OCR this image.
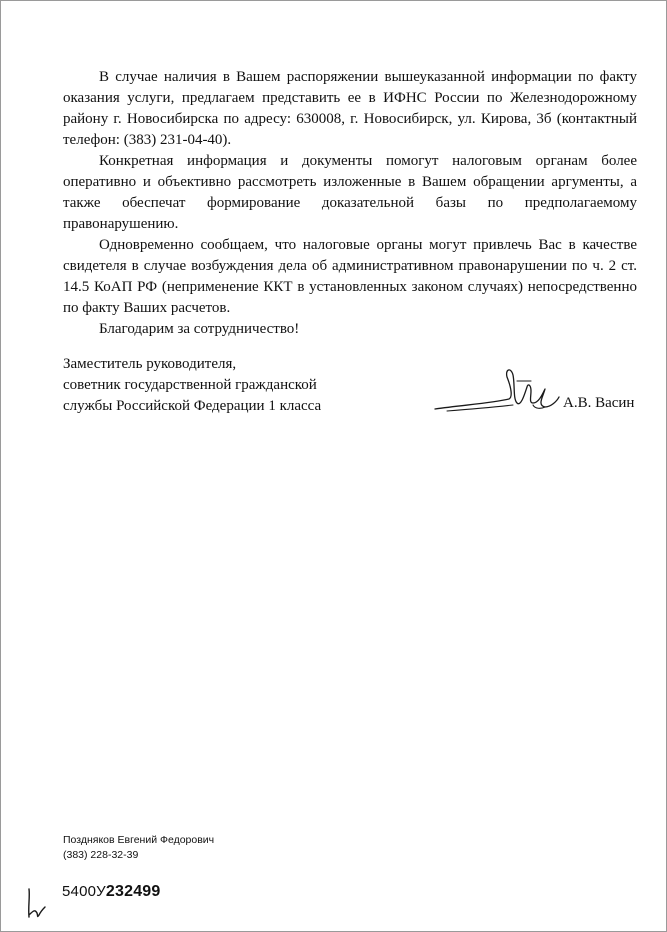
В случае наличия в Вашем распоряжении вышеуказанной информации по факту оказания услуги, предлагаем представить ее в ИФНС России по Железнодорожному району г. Новосибирска по адресу: 630008, г. Новосибирск, ул. Кирова, 3б (контактный телефон: (383) 231-04-40).

Конкретная информация и документы помогут налоговым органам более оперативно и объективно рассмотреть изложенные в Вашем обращении аргументы, а также обеспечат формирование доказательной базы по предполагаемому правонарушению.

Одновременно сообщаем, что налоговые органы могут привлечь Вас в качестве свидетеля в случае возбуждения дела об административном правонарушении по ч. 2 ст. 14.5 КоАП РФ (неприменение ККТ в установленных законом случаях) непосредственно по факту Ваших расчетов.

Благодарим за сотрудничество!

Заместитель руководителя,
советник государственной гражданской
службы Российской Федерации 1 класса	А.В. Васин
Поздняков Евгений Федорович
(383) 228-32-39
5400У232499
